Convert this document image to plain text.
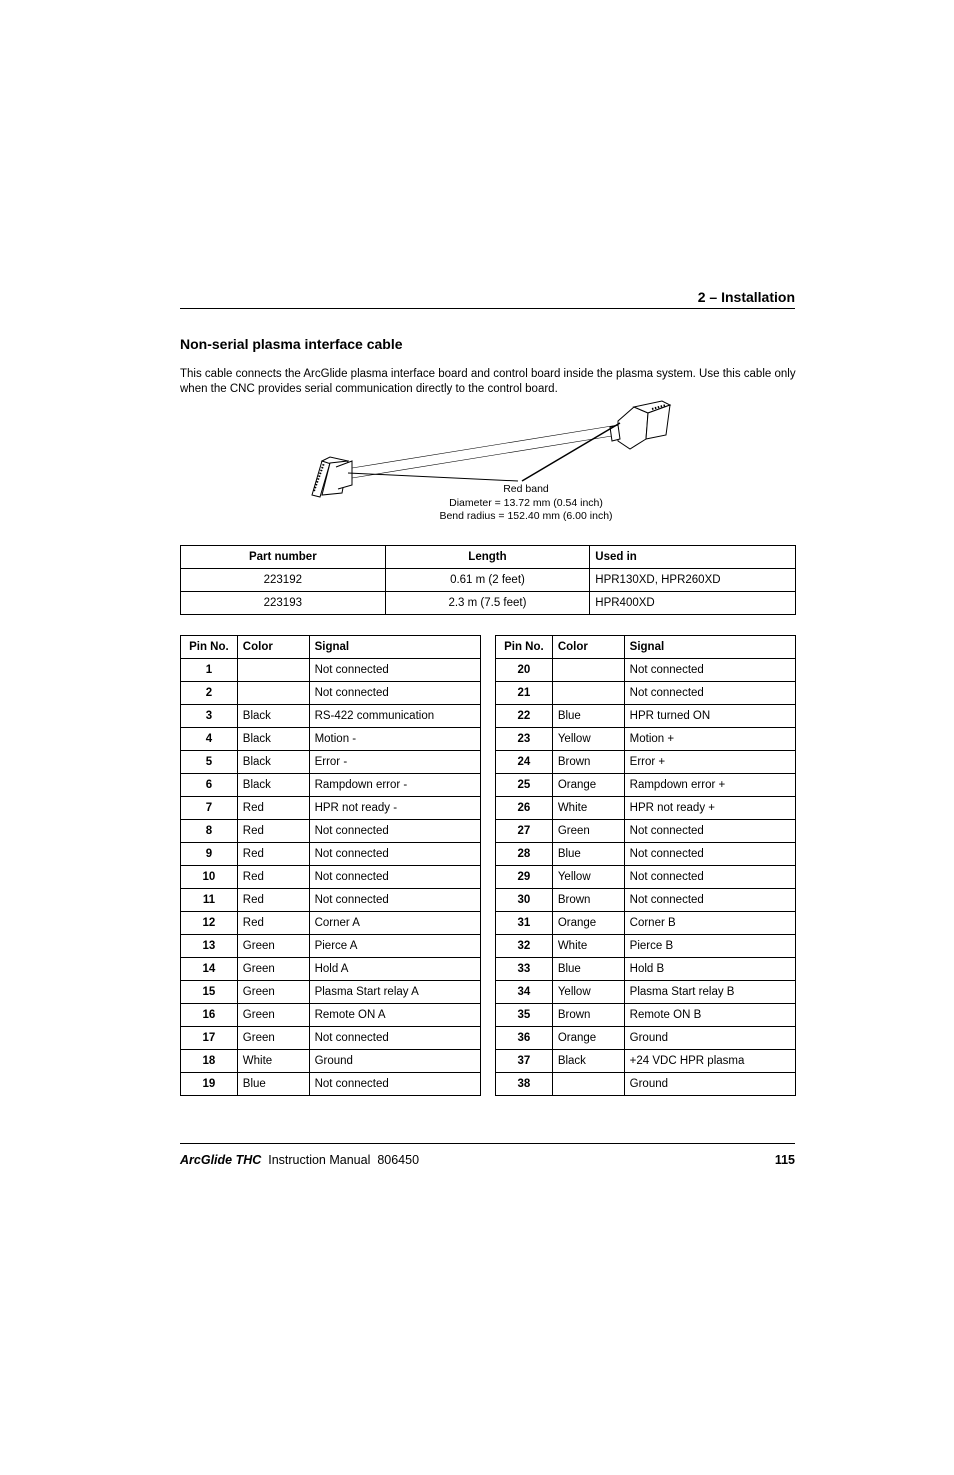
2 – Installation
Non-serial plasma interface cable
This cable connects the ArcGlide plasma interface board and control board inside the plasma system. Use this cable only when the CNC provides serial communication directly to the control board.
Red band
Diameter = 13.72 mm (0.54 inch)
Bend radius = 152.40 mm (6.00 inch)
Part number	Length	Used in
223192	0.61 m (2 feet)	HPR130XD, HPR260XD
223193	2.3 m (7.5 feet)	HPR400XD
Pin No.	Color	Signal
1		Not connected
2		Not connected
3	Black	RS-422 communication
4	Black	Motion -
5	Black	Error -
6	Black	Rampdown error -
7	Red	HPR not ready -
8	Red	Not connected
9	Red	Not connected
10	Red	Not connected
11	Red	Not connected
12	Red	Corner A
13	Green	Pierce A
14	Green	Hold A
15	Green	Plasma Start relay A
16	Green	Remote ON A
17	Green	Not connected
18	White	Ground
19	Blue	Not connected
Pin No.	Color	Signal
20		Not connected
21		Not connected
22	Blue	HPR turned ON
23	Yellow	Motion +
24	Brown	Error +
25	Orange	Rampdown error +
26	White	HPR not ready +
27	Green	Not connected
28	Blue	Not connected
29	Yellow	Not connected
30	Brown	Not connected
31	Orange	Corner B
32	White	Pierce B
33	Blue	Hold B
34	Yellow	Plasma Start relay B
35	Brown	Remote ON B
36	Orange	Ground
37	Black	+24 VDC HPR plasma
38		Ground
ArcGlide THC Instruction Manual 806450	115
